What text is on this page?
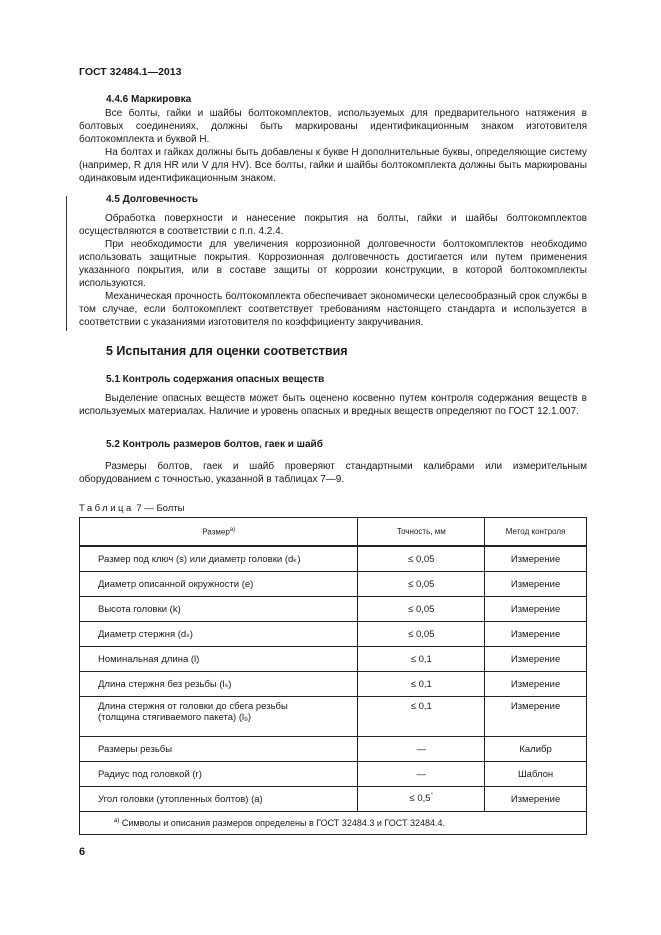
ГОСТ 32484.1—2013
4.4.6 Маркировка

Все болты, гайки и шайбы болтокомплектов, используемых для предварительного натяжения в болтовых соединениях, должны быть маркированы идентификационным знаком изготовителя болтокомплекта и буквой H.

На болтах и гайках должны быть добавлены к букве H дополнительные буквы, определяющие систему (например, R для HR или V для HV). Все болты, гайки и шайбы болтокомплекта должны быть маркированы одинаковым идентификационным знаком.

4.5 Долговечность

Обработка поверхности и нанесение покрытия на болты, гайки и шайбы болтокомплектов осуществляются в соответствии с п.п. 4.2.4.

При необходимости для увеличения коррозионной долговечности болтокомплектов необходимо использовать защитные покрытия. Коррозионная долговечность достигается или путем применения указанного покрытия, или в составе защиты от коррозии конструкции, в которой болтокомплекты используются.

Механическая прочность болтокомплекта обеспечивает экономически целесообразный срок службы в том случае, если болтокомплект соответствует требованиям настоящего стандарта и используется в соответствии с указаниями изготовителя по коэффициенту закручивания.

5 Испытания для оценки соответствия
5.1 Контроль содержания опасных веществ

Выделение опасных веществ может быть оценено косвенно путем контроля содержания веществ в используемых материалах. Наличие и уровень опасных и вредных веществ определяют по ГОСТ 12.1.007.

5.2 Контроль размеров болтов, гаек и шайб

Размеры болтов, гаек и шайб проверяют стандартными калибрами или измерительным оборудованием с точностью, указанной в таблицах 7—9.

Таблица 7 — Болты
Размер$^{а)}$	Точность, мм	Метод контроля
Размер под ключ (s) или диаметр головки (dₖ)	≤ 0,05	Измерение
Диаметр описанной окружности (e)	≤ 0,05	Измерение
Высота головки (k)	≤ 0,05	Измерение
Диаметр стержня (dₛ)	≤ 0,05	Измерение
Номинальная длина (l)	≤ 0,1	Измерение
Длина стержня без резьбы (lₛ)	≤ 0,1	Измерение

Длина стержня от головки до сбега резьбы
(толщина стягиваемого пакета) (l₉)	≤ 0,1	Измерение
Размеры резьбы	—	Калибр
Радиус под головкой (r)	—	Шаблон
Угол головки (утопленных болтов) (a)	≤ 0,5°	Измерение
$^{а)}$ Символы и описания размеров определены в ГОСТ 32484.3 и ГОСТ 32484.4.		
6
